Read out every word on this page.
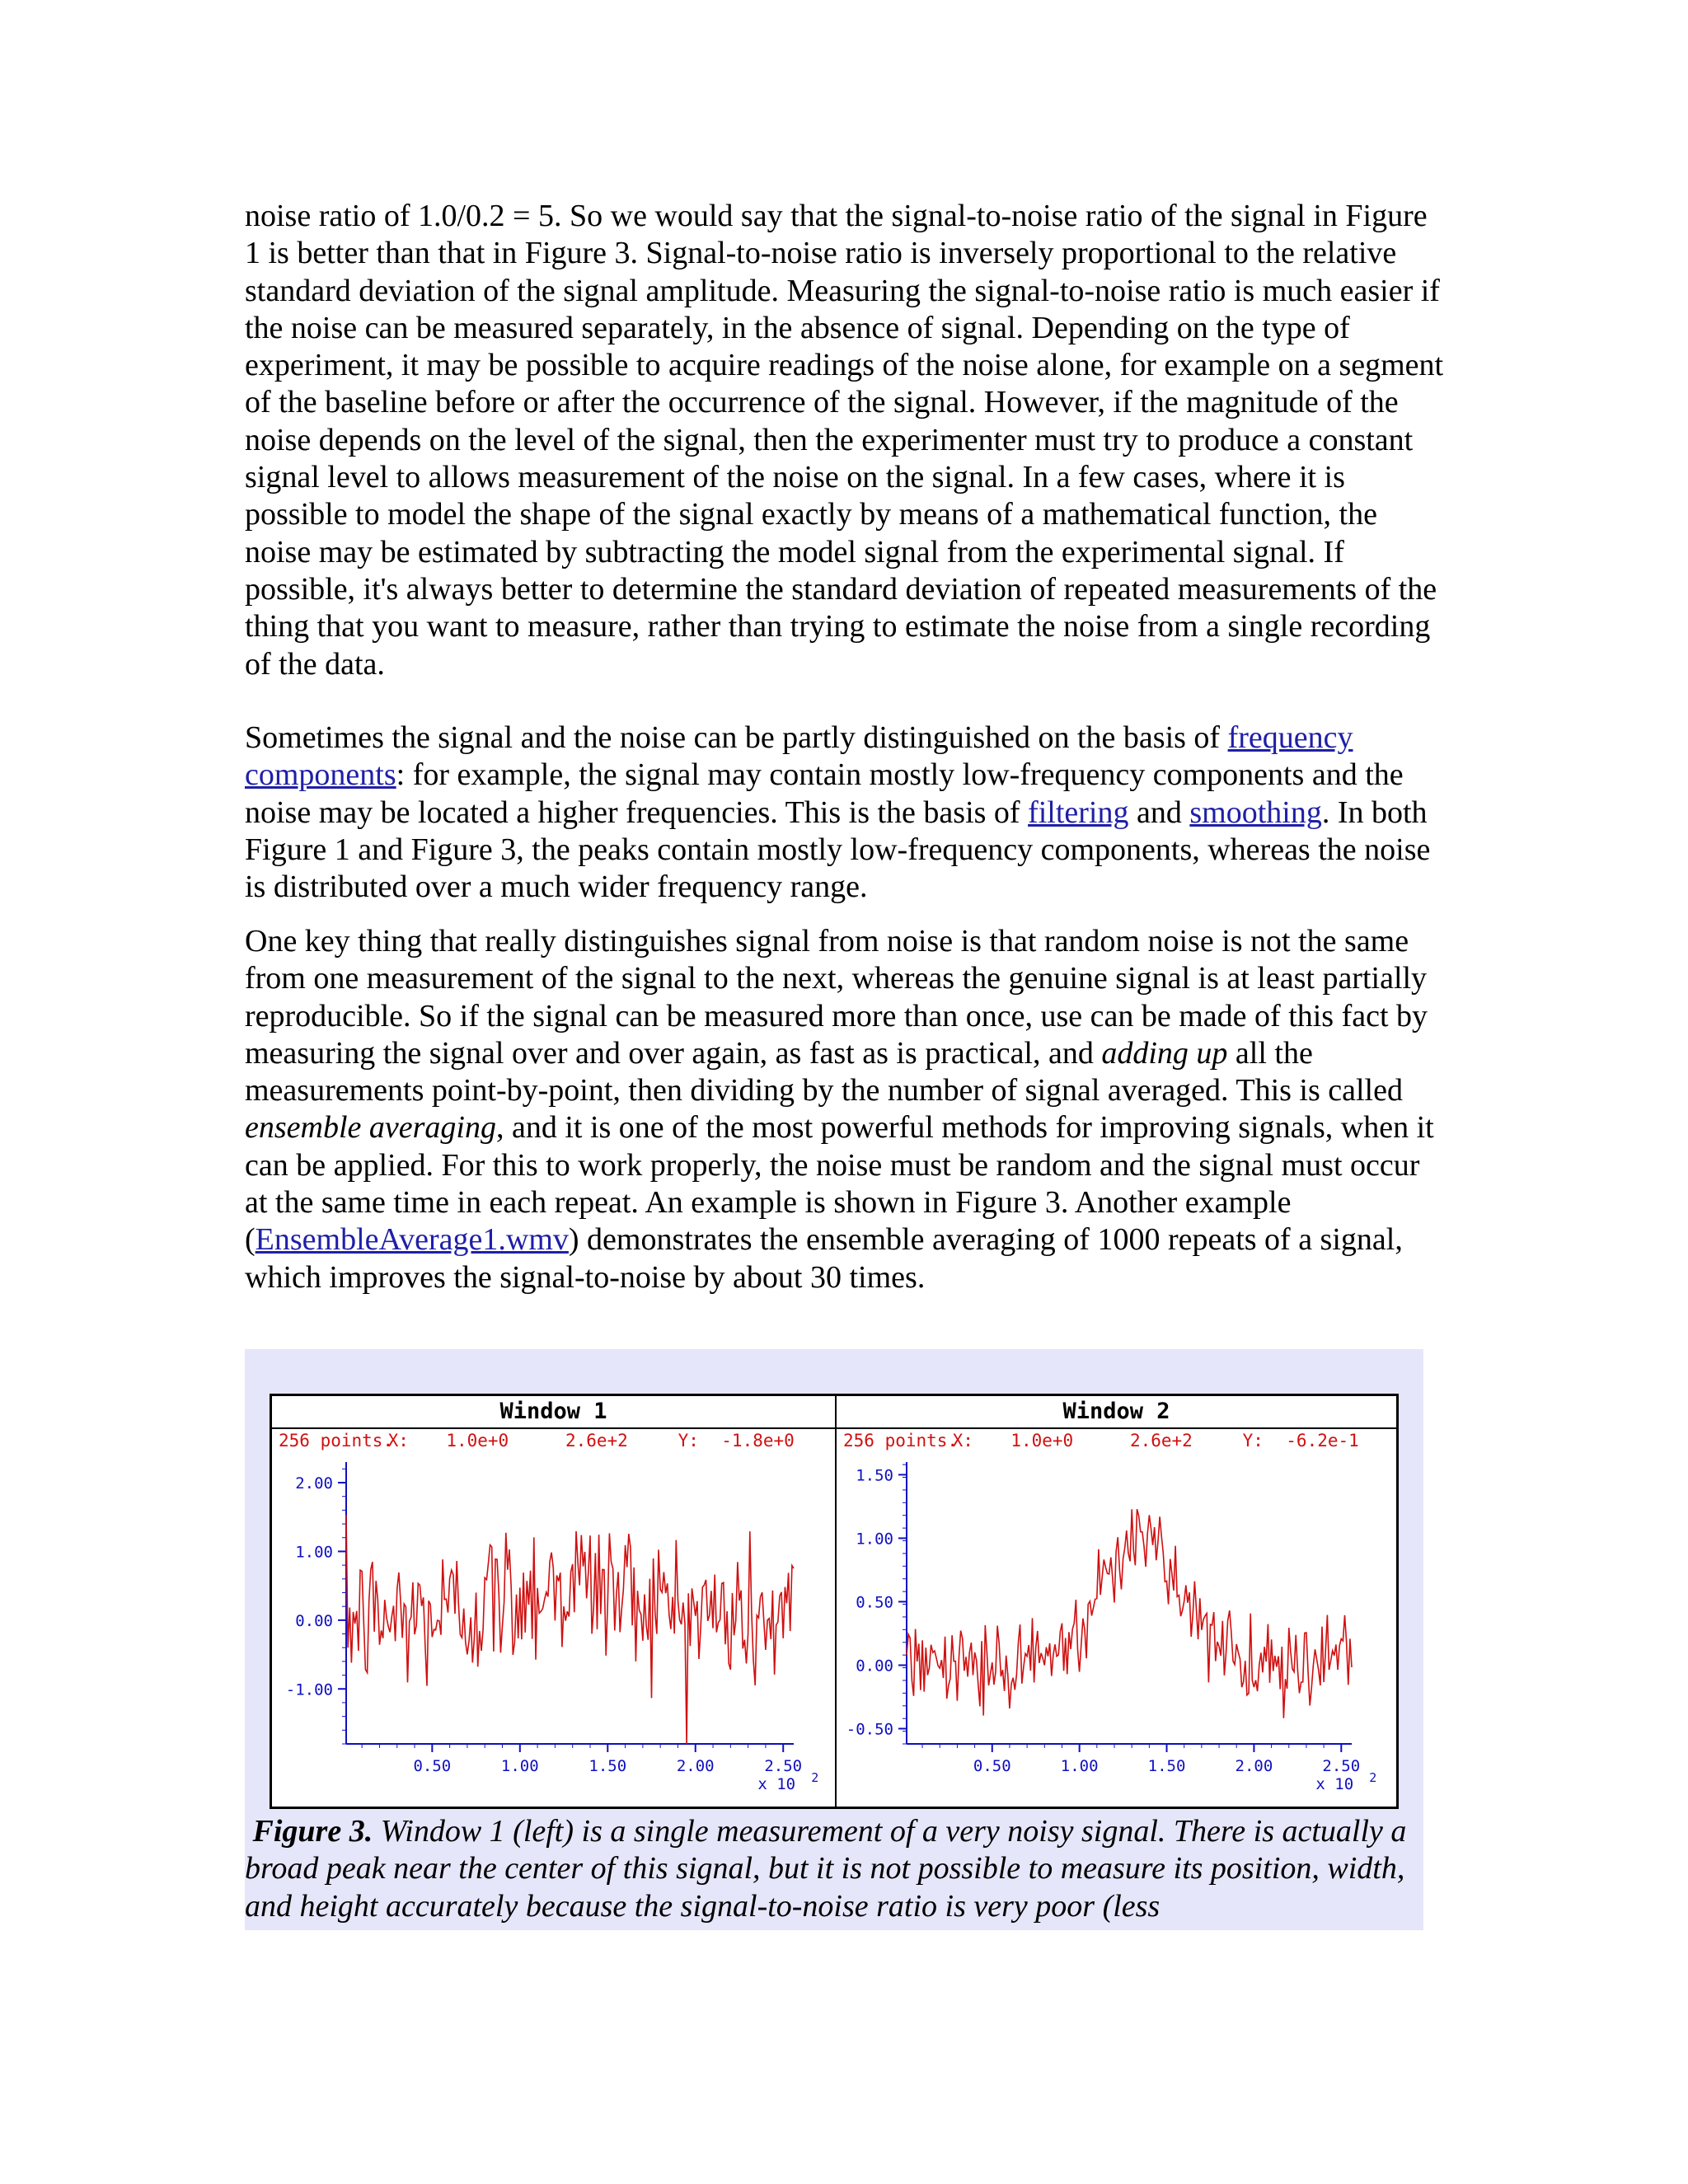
noise ratio of 1.0/0.2 = 5. So we would say that the signal-to-noise ratio of the signal in Figure 1 is better than that in Figure 3. Signal-to-noise ratio is inversely proportional to the relative standard deviation of the signal amplitude. Measuring the signal-to-noise ratio is much easier if the noise can be measured separately, in the absence of signal. Depending on the type of experiment, it may be possible to acquire readings of the noise alone, for example on a segment of the baseline before or after the occurrence of the signal. However, if the magnitude of the noise depends on the level of the signal, then the experimenter must try to produce a constant signal level to allows measurement of the noise on the signal. In a few cases, where it is possible to model the shape of the signal exactly by means of a mathematical function, the noise may be estimated by subtracting the model signal from the experimental signal. If possible, it's always better to determine the standard deviation of repeated measurements of the thing that you want to measure, rather than trying to estimate the noise from a single recording of the data.

Sometimes the signal and the noise can be partly distinguished on the basis of frequency components: for example, the signal may contain mostly low-frequency components and the noise may be located a higher frequencies. This is the basis of filtering and smoothing. In both Figure 1 and Figure 3, the peaks contain mostly low-frequency components, whereas the noise is distributed over a much wider frequency range.

One key thing that really distinguishes signal from noise is that random noise is not the same from one measurement of the signal to the next, whereas the genuine signal is at least partially reproducible. So if the signal can be measured more than once, use can be made of this fact by measuring the signal over and over again, as fast as is practical, and adding up all the measurements point-by-point, then dividing by the number of signal averaged. This is called ensemble averaging, and it is one of the most powerful methods for improving signals, when it can be applied. For this to work properly, the noise must be random and the signal must occur at the same time in each repeat. An example is shown in Figure 3. Another example (EnsembleAverage1.wmv) demonstrates the ensemble averaging of 1000 repeats of a signal, which improves the signal-to-noise by about 30 times.

Window 1
256 points. X: 1.0e+0	2.6e+2	Y: -1.8e+0
2.00
1.00
0.00
-1.00
0.50	1.00	1.50	2.00	2.50
x 10 2
Window 2
256 points. X: 1.0e+0	2.6e+2	Y: -6.2e-1
1.50
1.00
0.50
0.00
-0.50
0.50	1.00	1.50	2.00	2.50
x 10 2
Figure 3. Window 1 (left) is a single measurement of a very noisy signal. There is actually a broad peak near the center of this signal, but it is not possible to measure its position, width, and height accurately because the signal-to-noise ratio is very poor (less
